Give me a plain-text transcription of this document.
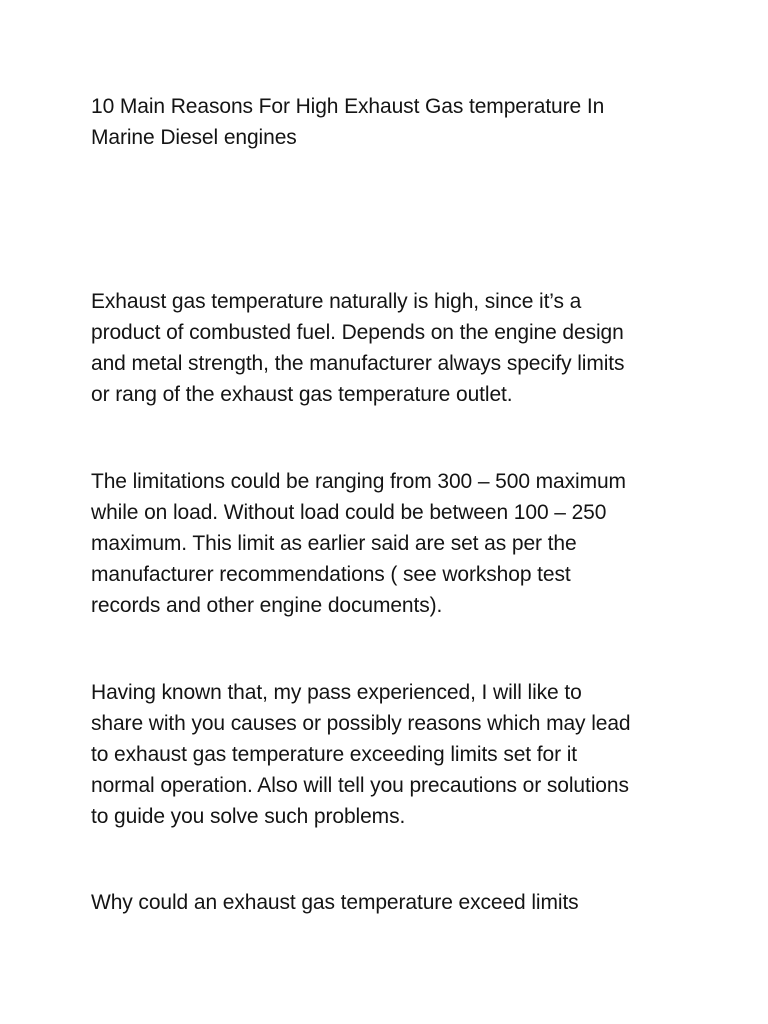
10 Main Reasons For High Exhaust Gas temperature In
Marine Diesel engines

Exhaust gas temperature naturally is high, since it’s a
product of combusted fuel. Depends on the engine design
and metal strength, the manufacturer always specify limits
or rang of the exhaust gas temperature outlet.

The limitations could be ranging from 300 – 500 maximum
while on load. Without load could be between 100 – 250
maximum. This limit as earlier said are set as per the
manufacturer recommendations ( see workshop test
records and other engine documents).

Having known that, my pass experienced, I will like to
share with you causes or possibly reasons which may lead
to exhaust gas temperature exceeding limits set for it
normal operation. Also will tell you precautions or solutions
to guide you solve such problems.

Why could an exhaust gas temperature exceed limits
